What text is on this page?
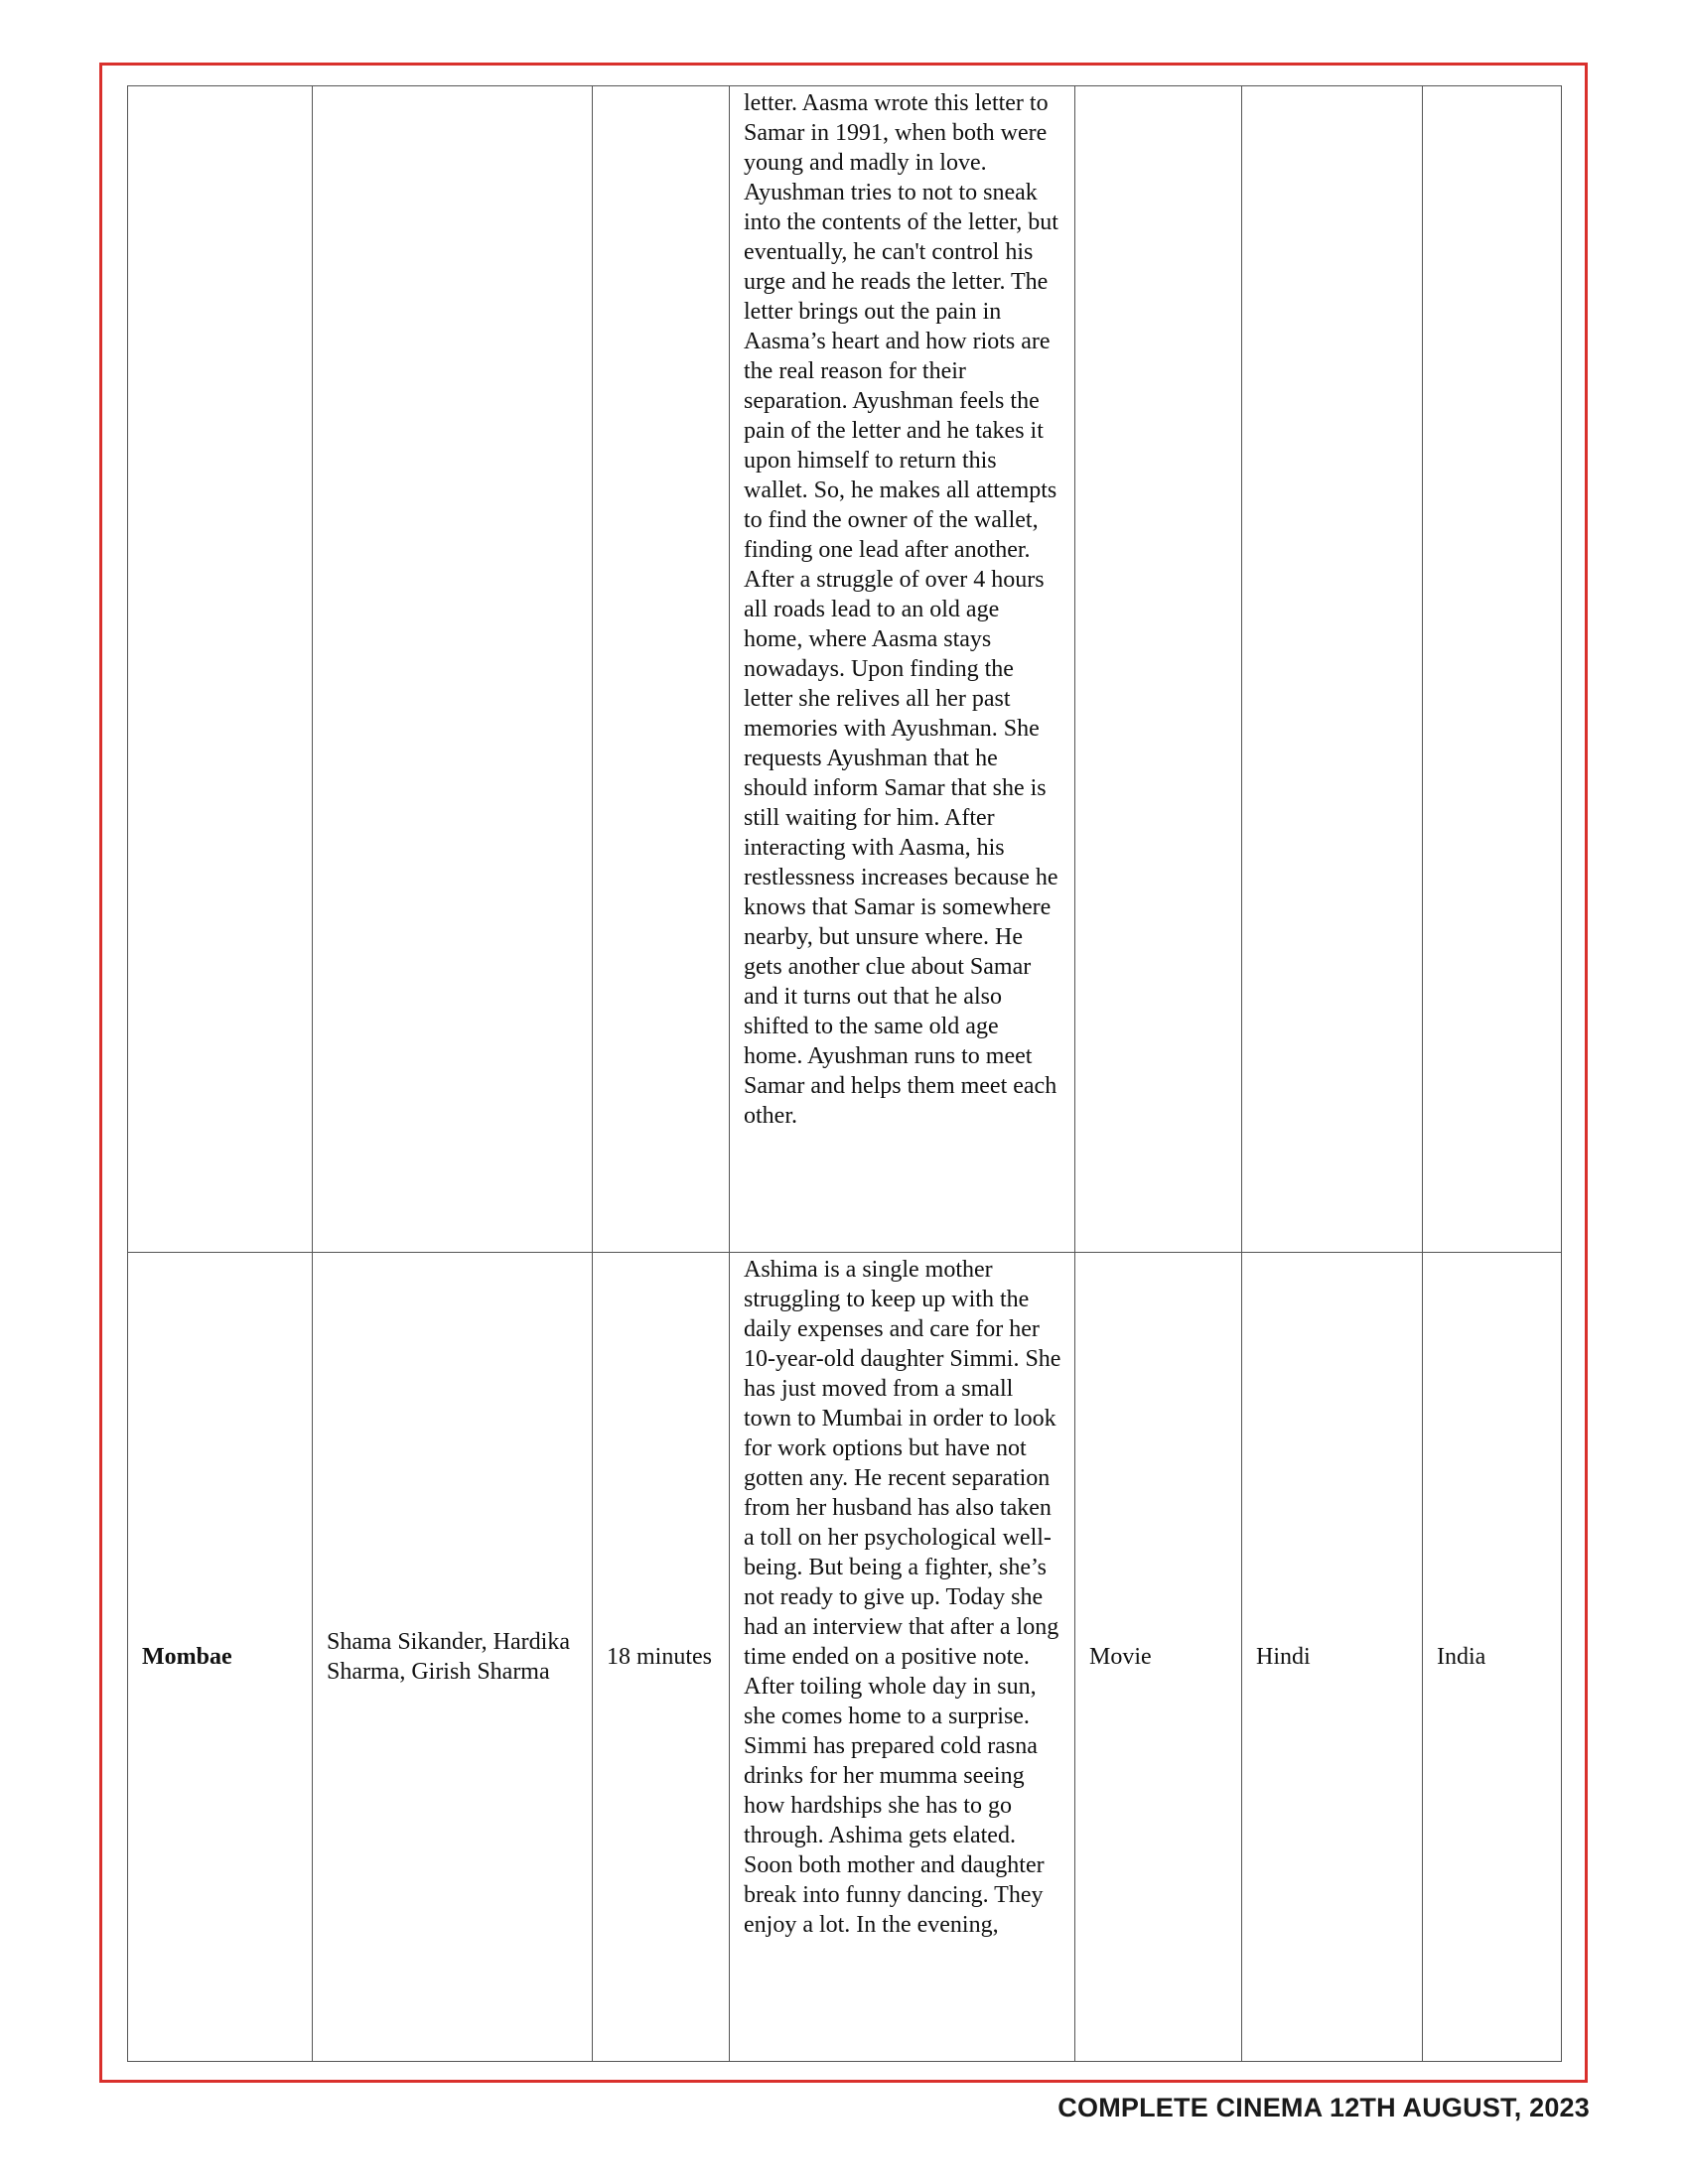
			letter. Aasma wrote this letter to Samar in 1991, when both were young and madly in love. Ayushman tries to not to sneak into the contents of the letter, but eventually, he can't control his urge and he reads the letter. The letter brings out the pain in Aasma’s heart and how riots are the real reason for their separation. Ayushman feels the pain of the letter and he takes it upon himself to return this wallet. So, he makes all attempts to find the owner of the wallet, finding one lead after another. After a struggle of over 4 hours all roads lead to an old age home, where Aasma stays nowadays. Upon finding the letter she relives all her past memories with Ayushman. She requests Ayushman that he should inform Samar that she is still waiting for him. After interacting with Aasma, his restlessness increases because he knows that Samar is somewhere nearby, but unsure where. He gets another clue about Samar and it turns out that he also shifted to the same old age home. Ayushman runs to meet Samar and helps them meet each other.			
Mombae	Shama Sikander, Hardika Sharma, Girish Sharma	18 minutes	Ashima is a single mother struggling to keep up with the daily expenses and care for her 10-year-old daughter Simmi. She has just moved from a small town to Mumbai in order to look for work options but have not gotten any. He recent separation from her husband has also taken a toll on her psychological well-being. But being a fighter, she’s not ready to give up. Today she had an interview that after a long time ended on a positive note. After toiling whole day in sun, she comes home to a surprise. Simmi has prepared cold rasna drinks for her mumma seeing how hardships she has to go through. Ashima gets elated. Soon both mother and daughter break into funny dancing. They enjoy a lot. In the evening,	Movie	Hindi	India
COMPLETE CINEMA 12TH AUGUST, 2023
